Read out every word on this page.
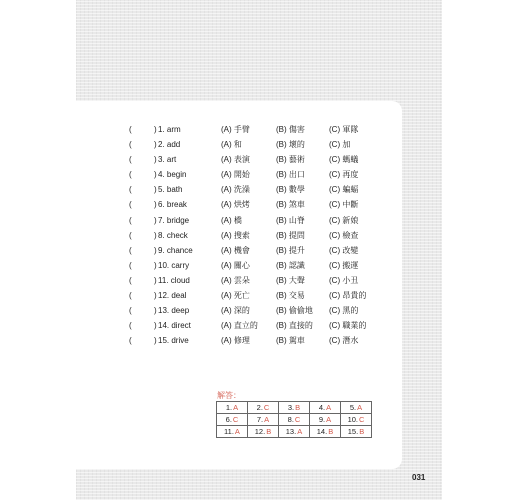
(	) 1. arm	(A) 手臂	(B) 傷害	(C) 軍隊
(	) 2. add	(A) 和	(B) 壞的	(C) 加
(	) 3. art	(A) 表演	(B) 藝術	(C) 螞蟻
(	) 4. begin	(A) 開始	(B) 出口	(C) 再度
(	) 5. bath	(A) 洗澡	(B) 數學	(C) 蝙蝠
(	) 6. break	(A) 烘烤	(B) 煞車	(C) 中斷
(	) 7. bridge	(A) 橋	(B) 山脊	(C) 新娘
(	) 8. check	(A) 搜索	(B) 提問	(C) 檢查
(	) 9. chance	(A) 機會	(B) 提升	(C) 改變
(	) 10. carry	(A) 關心	(B) 認識	(C) 搬運
(	) 11. cloud	(A) 雲朵	(B) 大聲	(C) 小丑
(	) 12. deal	(A) 死亡	(B) 交易	(C) 昂貴的
(	) 13. deep	(A) 深的	(B) 偷偷地 (C) 黑的
(	) 14. direct	(A) 直立的 (B) 直接的 (C) 職業的
(	) 15. drive	(A) 修理	(B) 駕車	(C) 潛水
解答：
1.A	2.C	3.B	4.A	5.A
6.C	7.A	8.C	9.A	10.C
11.A	12.B	13.A	14.B	15.B
031
